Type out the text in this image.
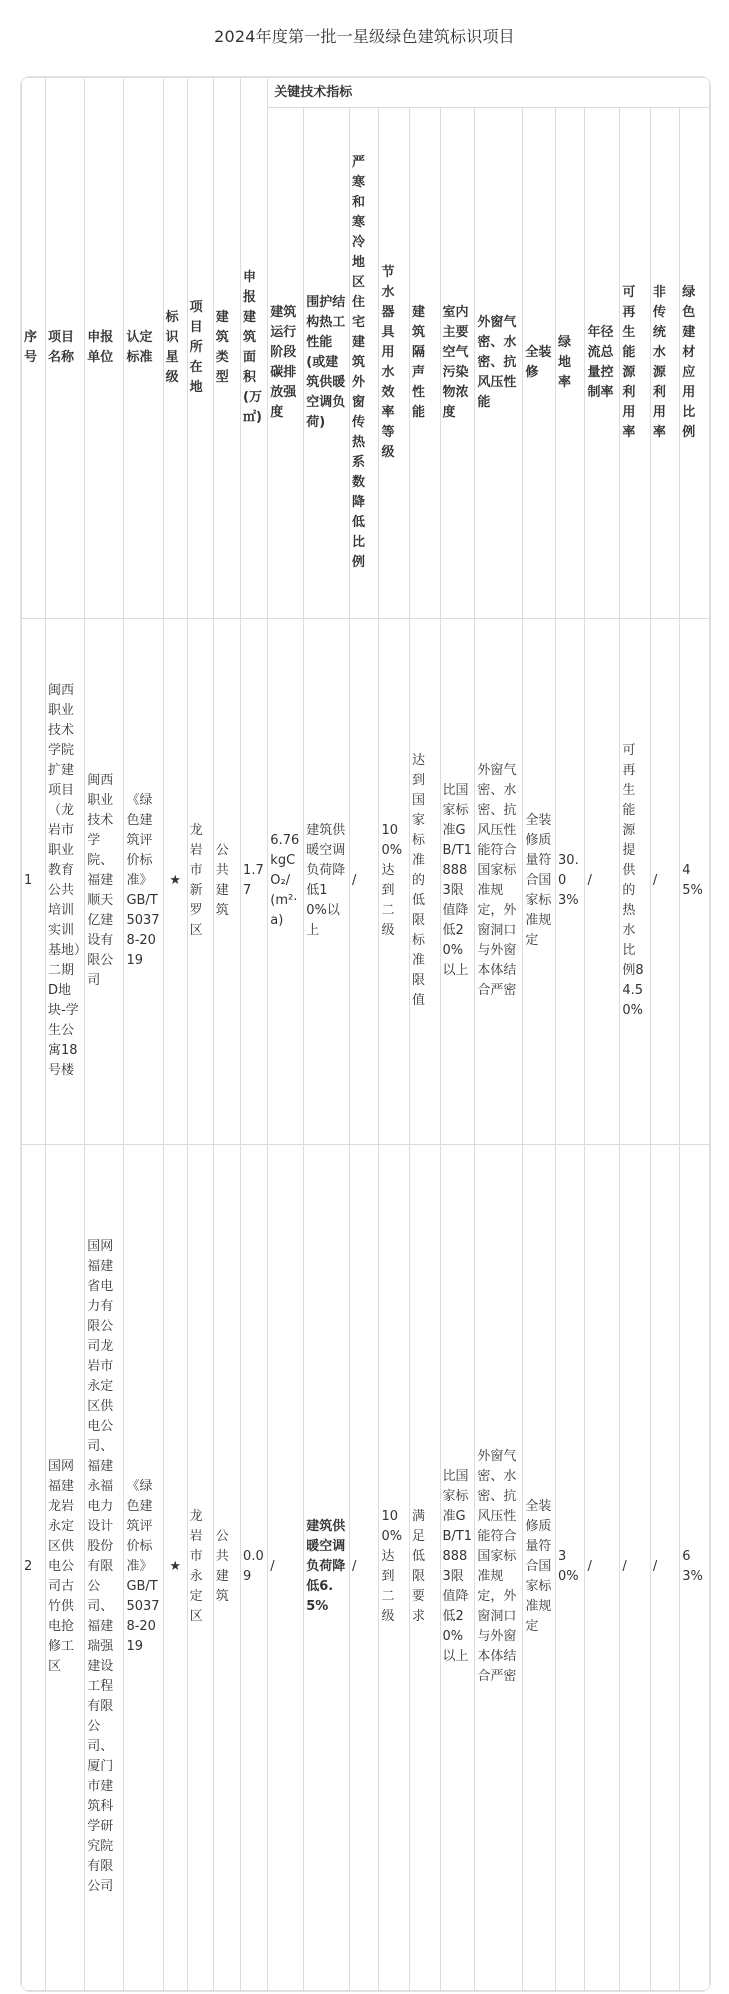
2024年度第一批一星级绿色建筑标识项目
序号	项目名称	申报单位	认定标准	标识星级	项目所在地	建筑类型	申报建筑面积(万㎡)	关键技术指标												
								建筑运行阶段碳排放强度	围护结构热工性能(或建筑供暖空调负荷)	严寒和寒冷地区住宅建筑外窗传热系数降低比例	节水器具用水效率等级	建筑隔声性能	室内主要空气污染物浓度	外窗气密、水密、抗风压性能	全装修	绿地率	年径流总量控制率	可再生能源利用率	非传统水源利用率	绿色建材应用比例
1	闽西职业技术学院扩建项目（龙岩市职业教育公共培训实训基地）二期D地块-学生公寓18号楼	闽西职业技术学院、福建顺天亿建设有限公司	《绿色建筑评价标准》GB/T50378-2019	★	龙岩市新罗区	公共建筑	1.77	6.76kgCO₂/(m²·a)	建筑供暖空调负荷降低10%以上	/	100%达到二级	达到国家标准的低限标准限值	比国家标准GB/T18883限值降低20%以上	外窗气密、水密、抗风压性能符合国家标准规定，外窗洞口与外窗本体结合严密	全装修质量符合国家标准规定	30.03%	/	可再生能源提供的热水比例84.50%	/	45%
2	国网福建龙岩永定区供电公司古竹供电抢修工区	国网福建省电力有限公司龙岩市永定区供电公司、福建永福电力设计股份有限公司、福建瑞强建设工程有限公司、厦门市建筑科学研究院有限公司	《绿色建筑评价标准》GB/T50378-2019	★	龙岩市永定区	公共建筑	0.09	/	建筑供暖空调负荷降低6.5%	/	100%达到二级	满足低限要求	比国家标准GB/T18883限值降低20%以上	外窗气密、水密、抗风压性能符合国家标准规定，外窗洞口与外窗本体结合严密	全装修质量符合国家标准规定	30%	/	/	/	63%
